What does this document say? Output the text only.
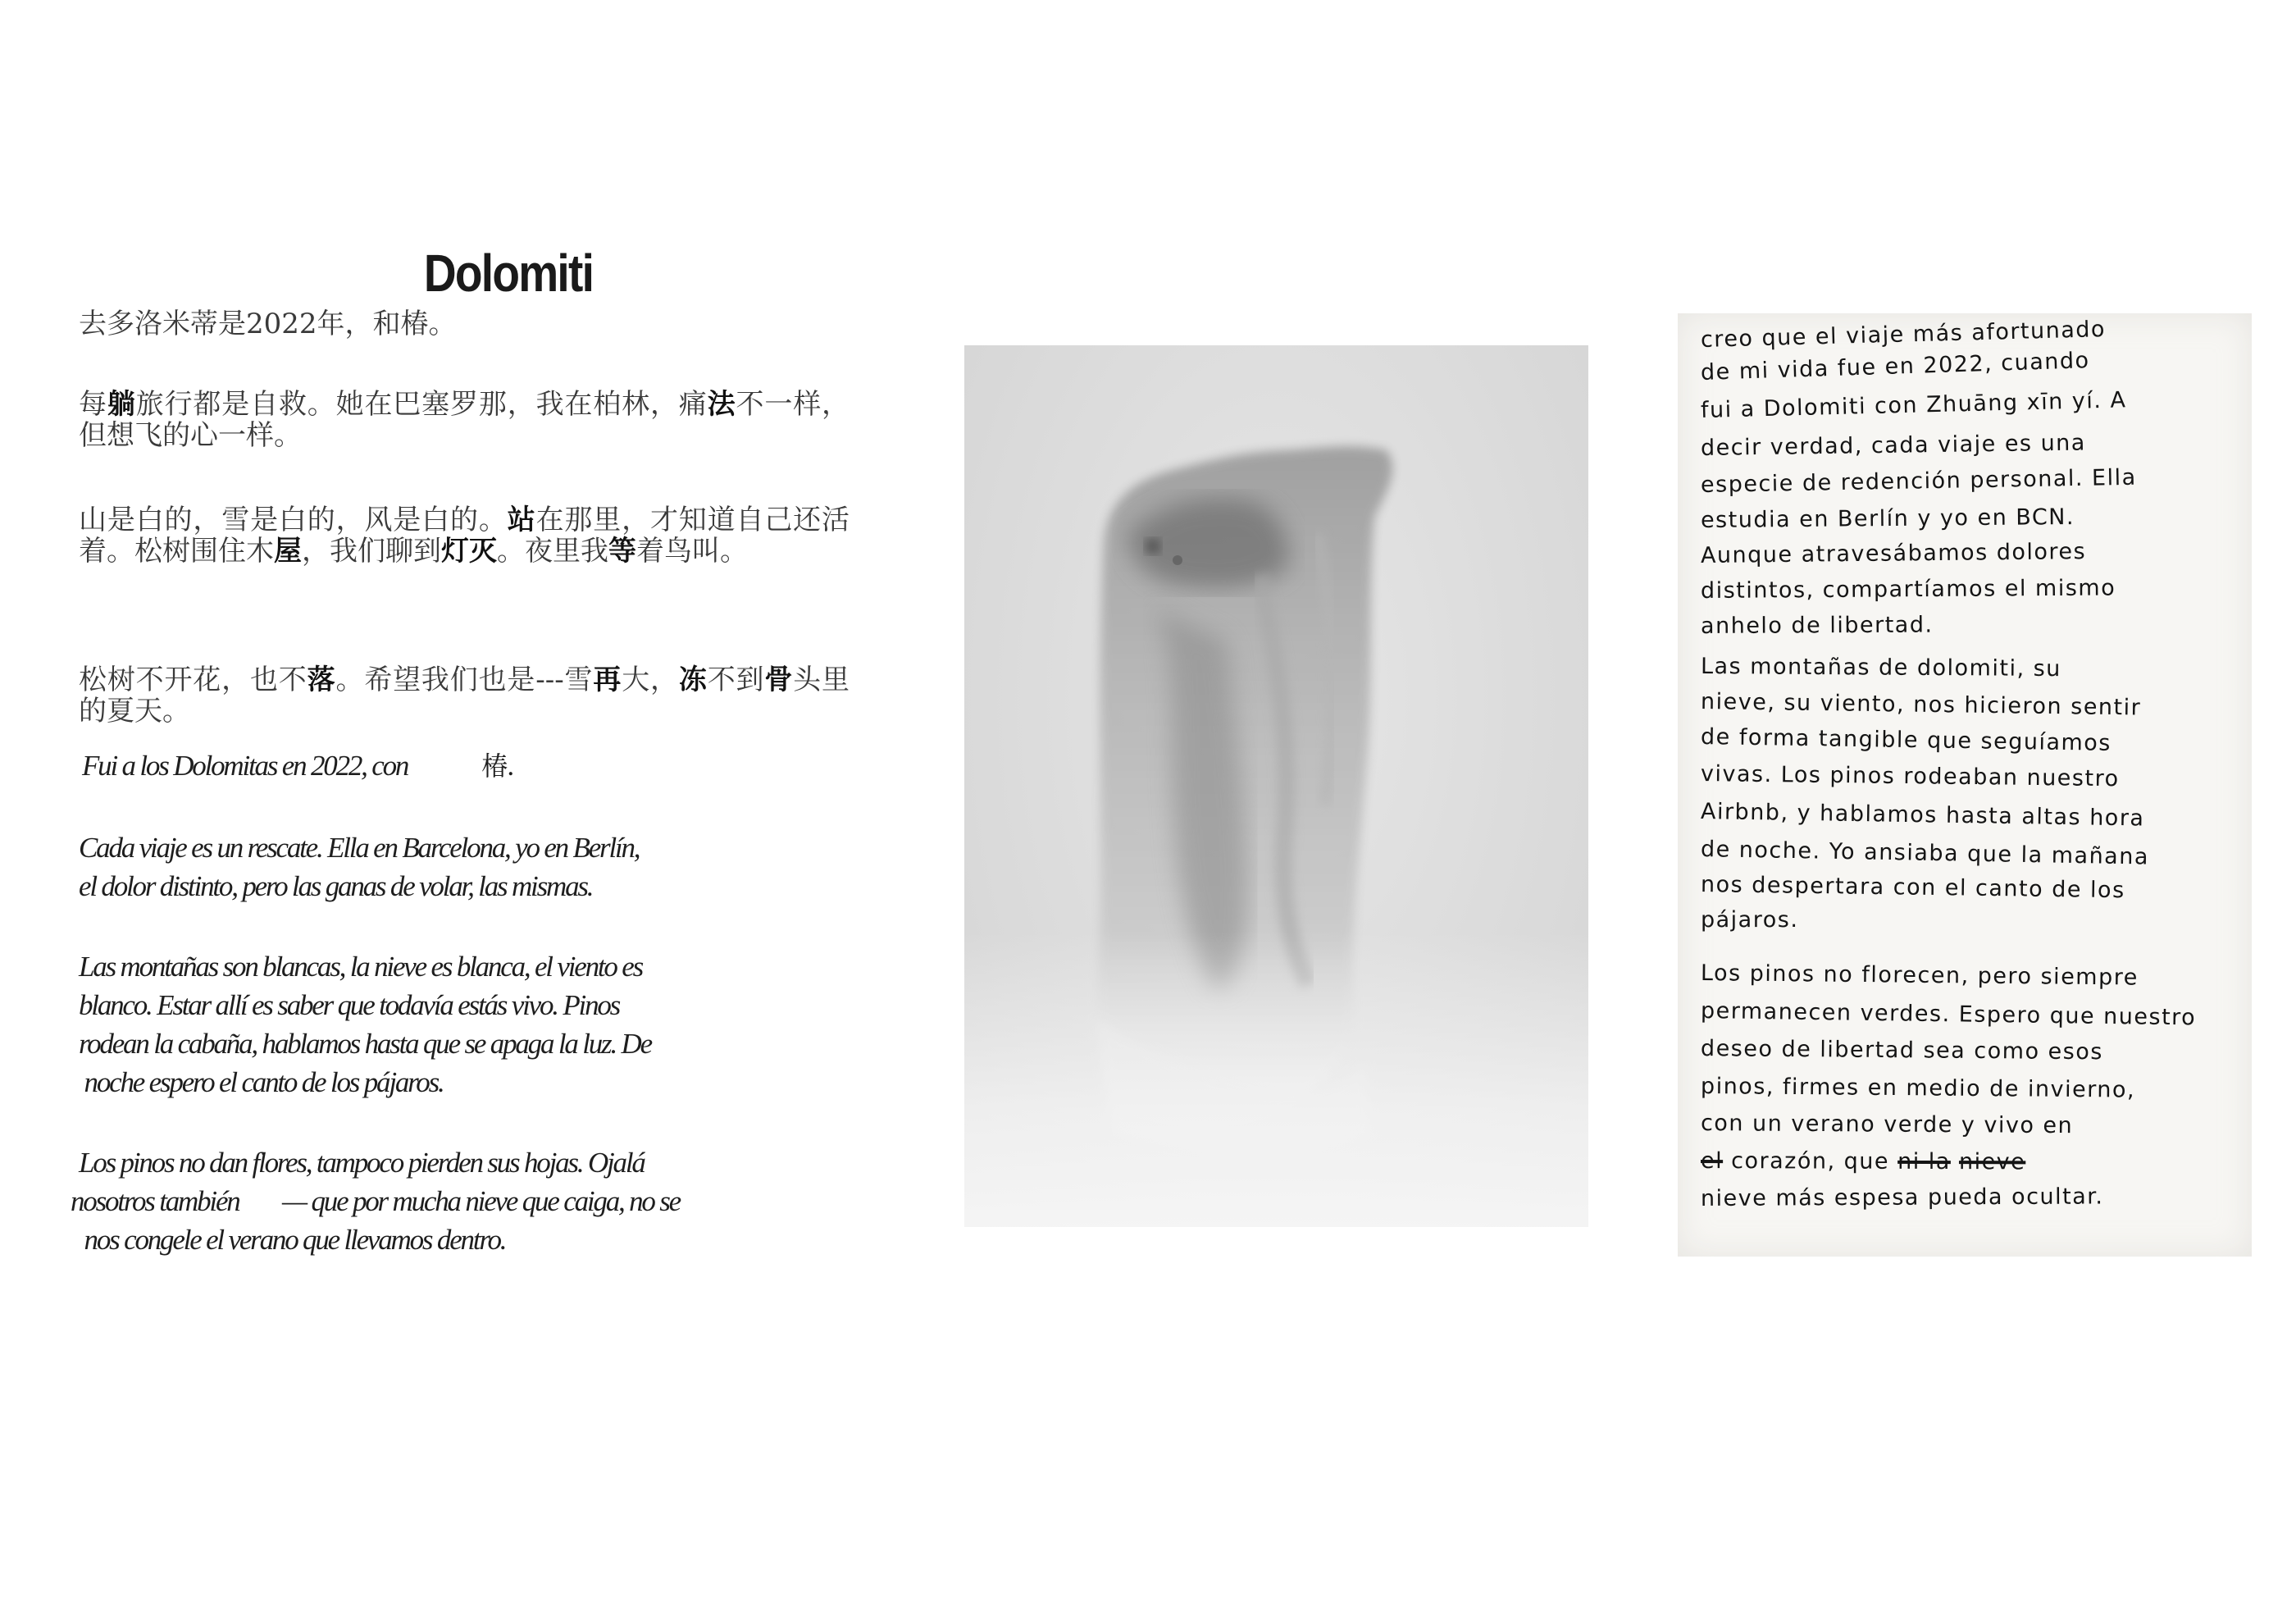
Dolomiti

去多洛米蒂是2022年，和椿。

每躺旅行都是自救。她在巴塞罗那，我在柏林，痛法不一样，但想飞的心一样。

山是白的，雪是白的，风是白的。站在那里，才知道自己还活着。松树围住木屋，我们聊到灯灭。夜里我等着鸟叫。

松树不开花，也不落。希望我们也是---雪再大，冻不到骨头里的夏天。

Fui a los Dolomitas en 2022, con	椿.

Cada viaje es un rescate. Ella en Barcelona, yo en Berlín,

el dolor distinto, pero las ganas de volar, las mismas.

Las montañas son blancas, la nieve es blanca, el viento es

blanco. Estar allí es saber que todavía estás vivo. Pinos

rodean la cabaña, hablamos hasta que se apaga la luz. De

noche espero el canto de los pájaros.

Los pinos no dan flores, tampoco pierden sus hojas. Ojalá

nosotros también        — que por mucha nieve que caiga, no se

nos congele el verano que llevamos dentro.

creo que el viaje más afortunado
de mi vida fue en 2022, cuando
fui a Dolomiti con Zhuāng xīn yí. A
decir verdad, cada viaje es una
especie de redención personal. Ella
estudia en Berlín y yo en BCN.
Aunque atravesábamos dolores
distintos, compartíamos el mismo
anhelo de libertad.
Las montañas de dolomiti, su
nieve, su viento, nos hicieron sentir
de forma tangible que seguíamos
vivas. Los pinos rodeaban nuestro
Airbnb, y hablamos hasta altas hora
de noche. Yo ansiaba que la mañana
nos despertara con el canto de los
pájaros.
Los pinos no florecen, pero siempre
permanecen verdes. Espero que nuestro
deseo de libertad sea como esos
pinos, firmes en medio de invierno,
con un verano verde y vivo en
el corazón, que ni la nieve
nieve más espesa pueda ocultar.
